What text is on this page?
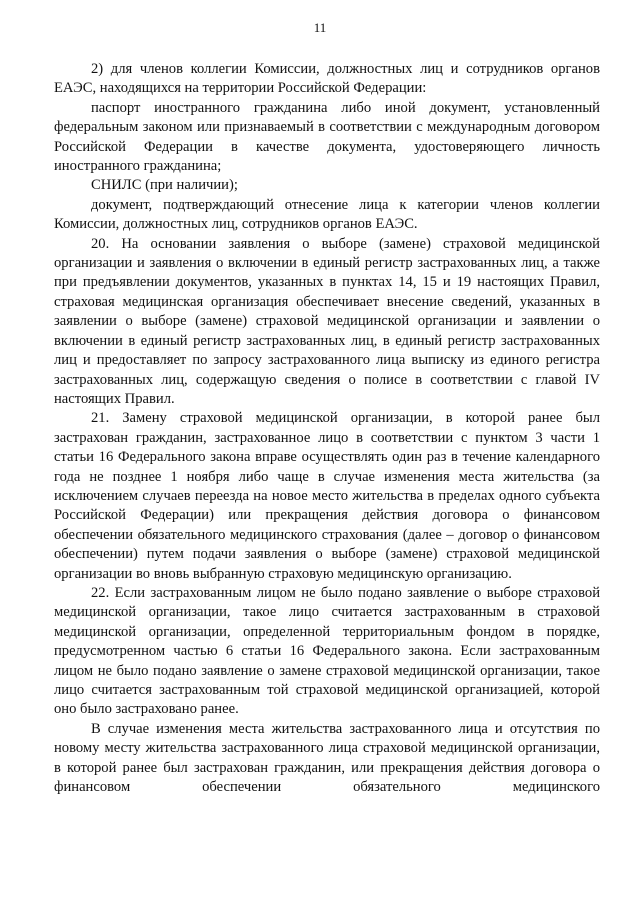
11

2) для членов коллегии Комиссии, должностных лиц и сотрудников органов ЕАЭС, находящихся на территории Российской Федерации:

паспорт иностранного гражданина либо иной документ, установленный федеральным законом или признаваемый в соответствии с международным договором Российской Федерации в качестве документа, удостоверяющего личность иностранного гражданина;

СНИЛС (при наличии);

документ, подтверждающий отнесение лица к категории членов коллегии Комиссии, должностных лиц, сотрудников органов ЕАЭС.

20. На основании заявления о выборе (замене) страховой медицинской организации и заявления о включении в единый регистр застрахованных лиц, а также при предъявлении документов, указанных в пунктах 14, 15 и 19 настоящих Правил, страховая медицинская организация обеспечивает внесение сведений, указанных в заявлении о выборе (замене) страховой медицинской организации и заявлении о включении в единый регистр застрахованных лиц, в единый регистр застрахованных лиц и предоставляет по запросу застрахованного лица выписку из единого регистра застрахованных лиц, содержащую сведения о полисе в соответствии с главой IV настоящих Правил.

21. Замену страховой медицинской организации, в которой ранее был застрахован гражданин, застрахованное лицо в соответствии с пунктом 3 части 1 статьи 16 Федерального закона вправе осуществлять один раз в течение календарного года не позднее 1 ноября либо чаще в случае изменения места жительства (за исключением случаев переезда на новое место жительства в пределах одного субъекта Российской Федерации) или прекращения действия договора о финансовом обеспечении обязательного медицинского страхования (далее – договор о финансовом обеспечении) путем подачи заявления о выборе (замене) страховой медицинской организации во вновь выбранную страховую медицинскую организацию.

22. Если застрахованным лицом не было подано заявление о выборе страховой медицинской организации, такое лицо считается застрахованным в страховой медицинской организации, определенной территориальным фондом в порядке, предусмотренном частью 6 статьи 16 Федерального закона. Если застрахованным лицом не было подано заявление о замене страховой медицинской организации, такое лицо считается застрахованным той страховой медицинской организацией, которой оно было застраховано ранее.

В случае изменения места жительства застрахованного лица и отсутствия по новому месту жительства застрахованного лица страховой медицинской организации, в которой ранее был застрахован гражданин, или прекращения действия договора о финансовом обеспечении обязательного медицинского
